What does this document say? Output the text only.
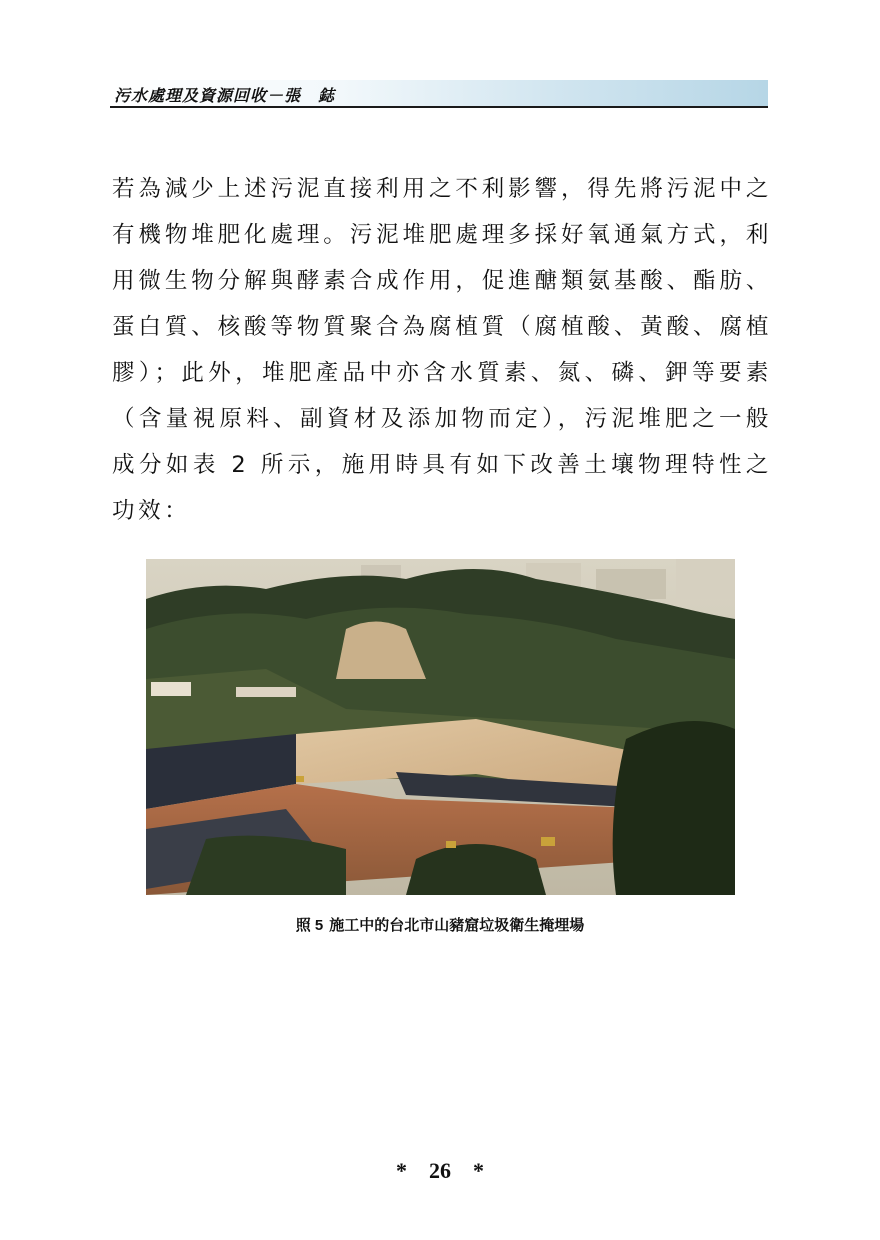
污水處理及資源回收－張　鋕

若為減少上述污泥直接利用之不利影響，得先將污泥中之有機物堆肥化處理。污泥堆肥處理多採好氧通氣方式，利用微生物分解與酵素合成作用，促進醣類氨基酸、酯肪、蛋白質、核酸等物質聚合為腐植質（腐植酸、黃酸、腐植膠）；此外，堆肥產品中亦含水質素、氮、磷、鉀等要素（含量視原料、副資材及添加物而定），污泥堆肥之一般成分如表 2 所示，施用時具有如下改善土壤物理特性之功效：

照 5 施工中的台北市山豬窟垃圾衛生掩埋場
* 26 *
